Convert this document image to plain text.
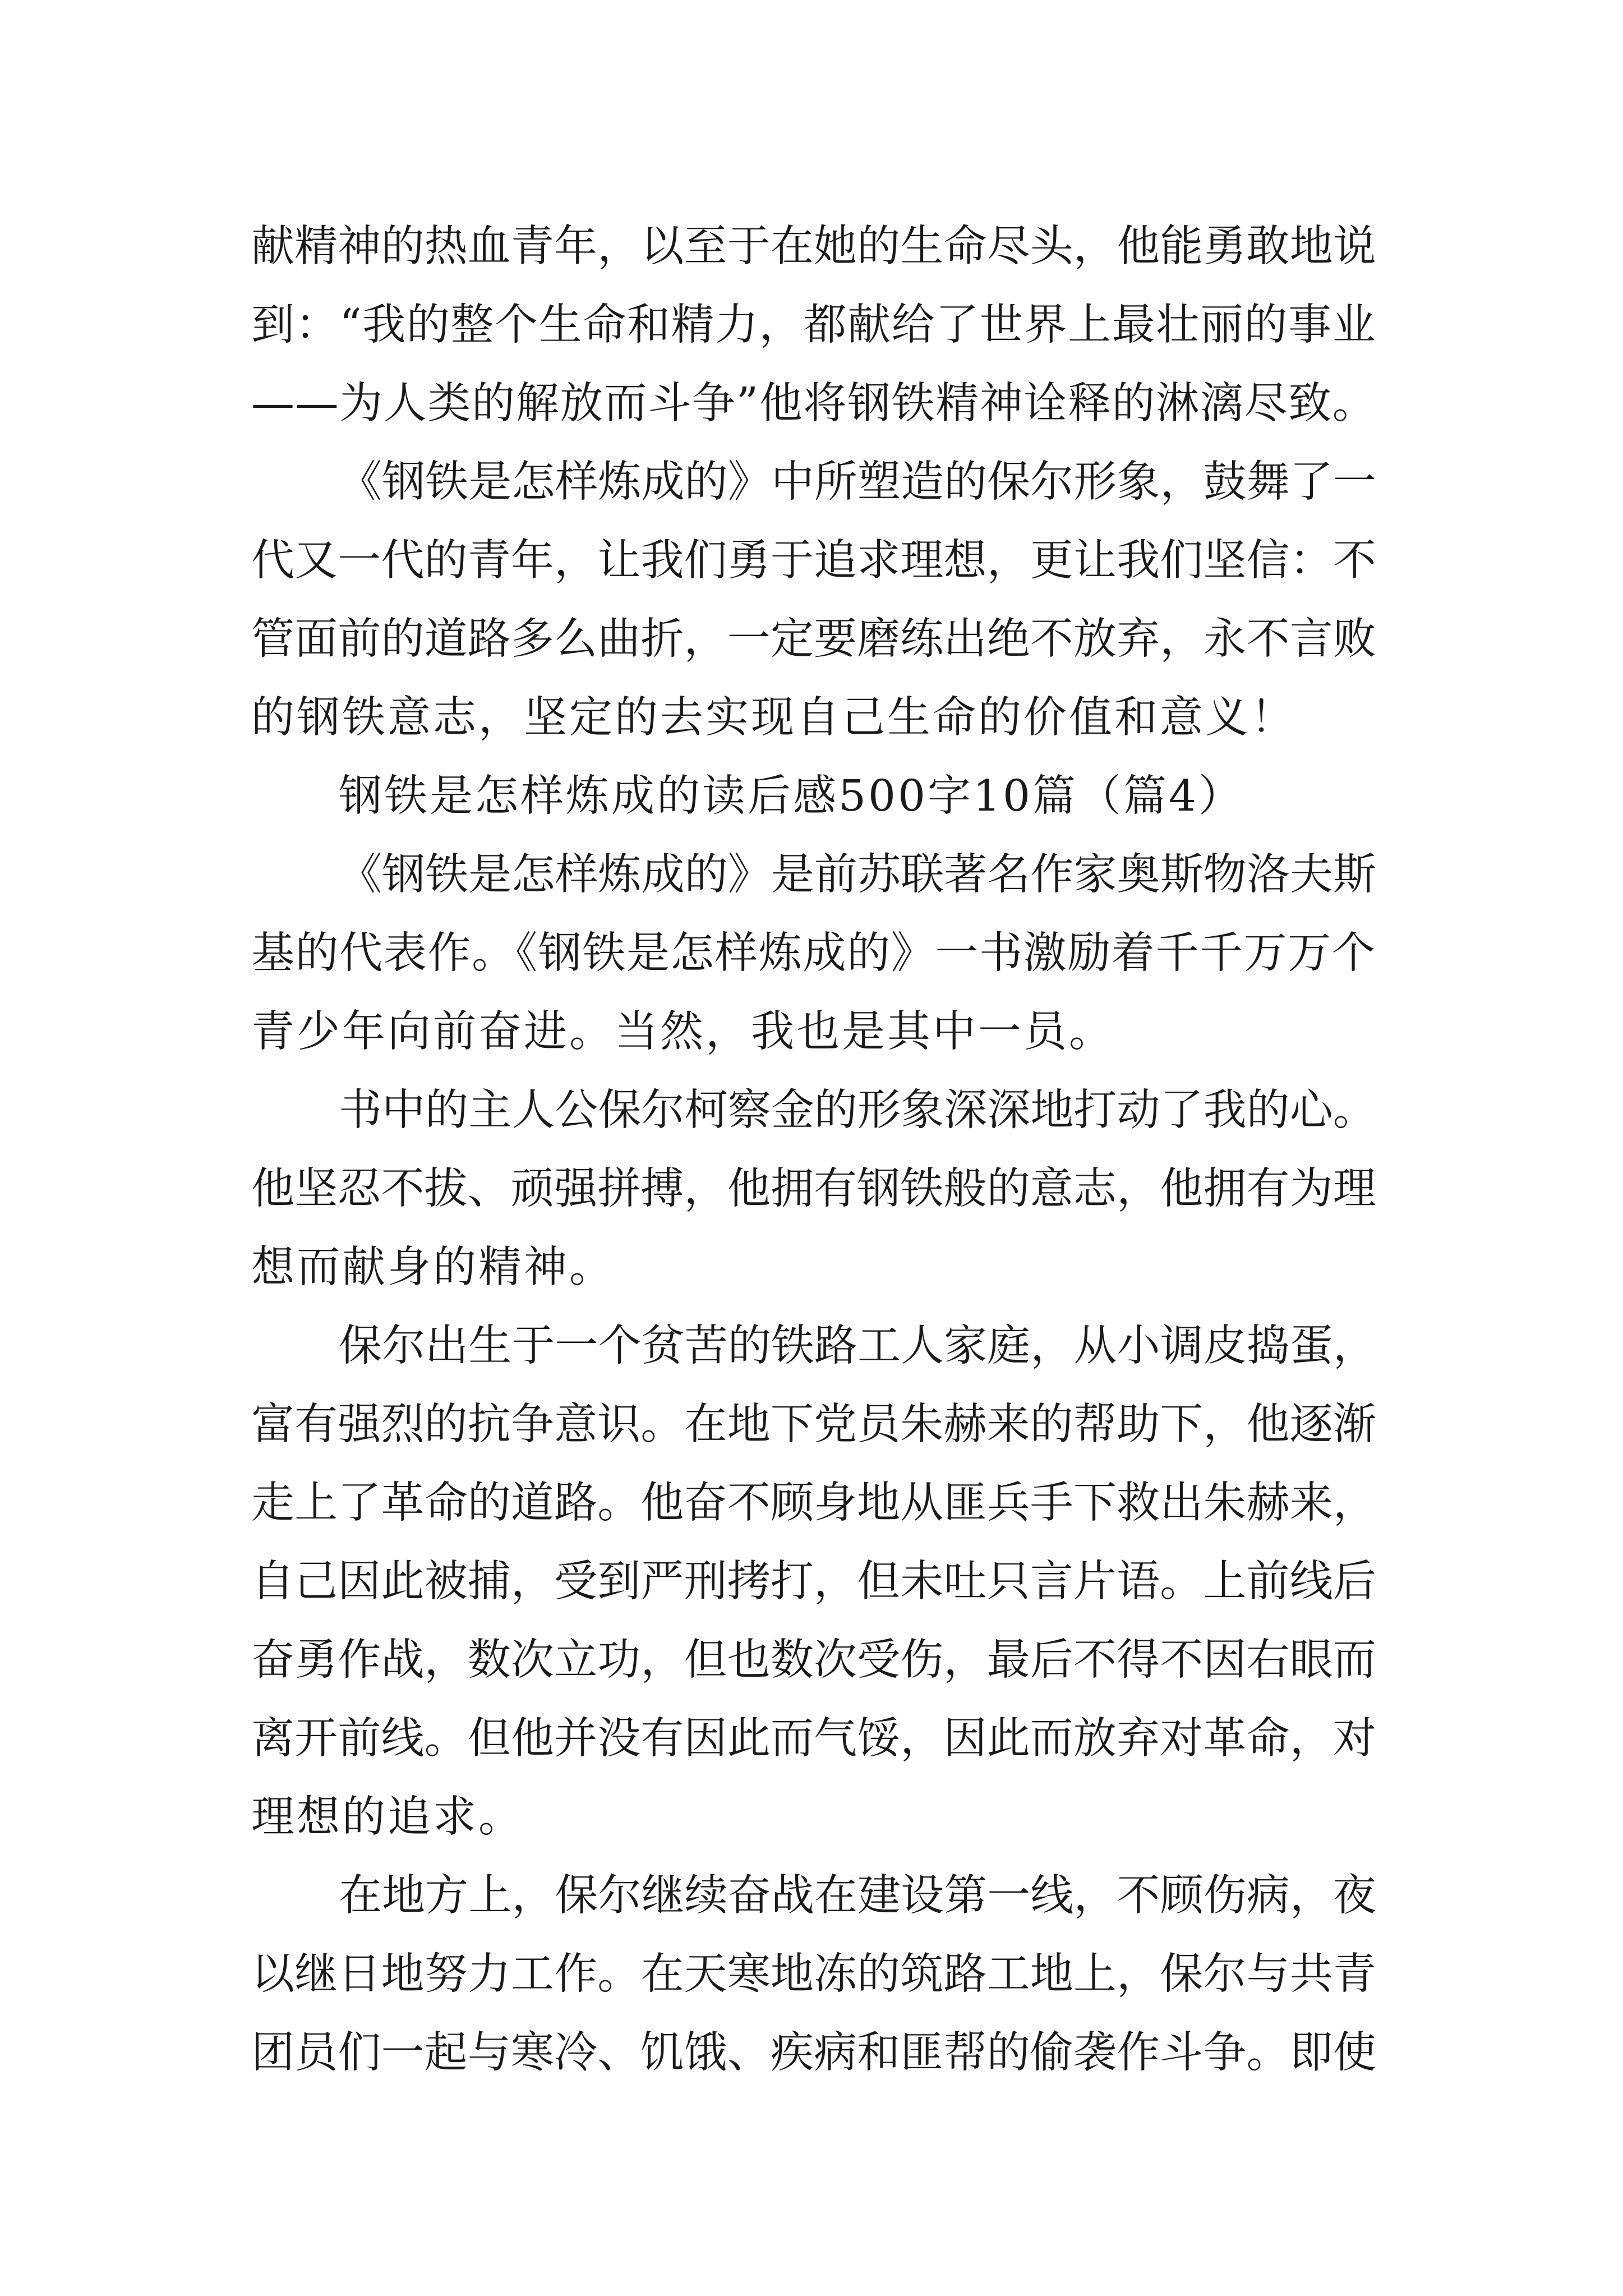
献精神的热血青年，以至于在她的生命尽头，他能勇敢地说
到：“我的整个生命和精力，都献给了世界上最壮丽的事业
——为人类的解放而斗争”他将钢铁精神诠释的淋漓尽致。
《钢铁是怎样炼成的》中所塑造的保尔形象，鼓舞了一
代又一代的青年，让我们勇于追求理想，更让我们坚信：不
管面前的道路多么曲折，一定要磨练出绝不放弃，永不言败
的钢铁意志，坚定的去实现自己生命的价值和意义！
钢铁是怎样炼成的读后感500字10篇（篇4）
《钢铁是怎样炼成的》是前苏联著名作家奥斯物洛夫斯
基的代表作。《钢铁是怎样炼成的》一书激励着千千万万个
青少年向前奋进。当然，我也是其中一员。
书中的主人公保尔柯察金的形象深深地打动了我的心。
他坚忍不拔、顽强拼搏，他拥有钢铁般的意志，他拥有为理
想而献身的精神。
保尔出生于一个贫苦的铁路工人家庭，从小调皮捣蛋，
富有强烈的抗争意识。在地下党员朱赫来的帮助下，他逐渐
走上了革命的道路。他奋不顾身地从匪兵手下救出朱赫来，
自己因此被捕，受到严刑拷打，但未吐只言片语。上前线后
奋勇作战，数次立功，但也数次受伤，最后不得不因右眼而
离开前线。但他并没有因此而气馁，因此而放弃对革命，对
理想的追求。
在地方上，保尔继续奋战在建设第一线，不顾伤病，夜
以继日地努力工作。在天寒地冻的筑路工地上，保尔与共青
团员们一起与寒冷、饥饿、疾病和匪帮的偷袭作斗争。即使
